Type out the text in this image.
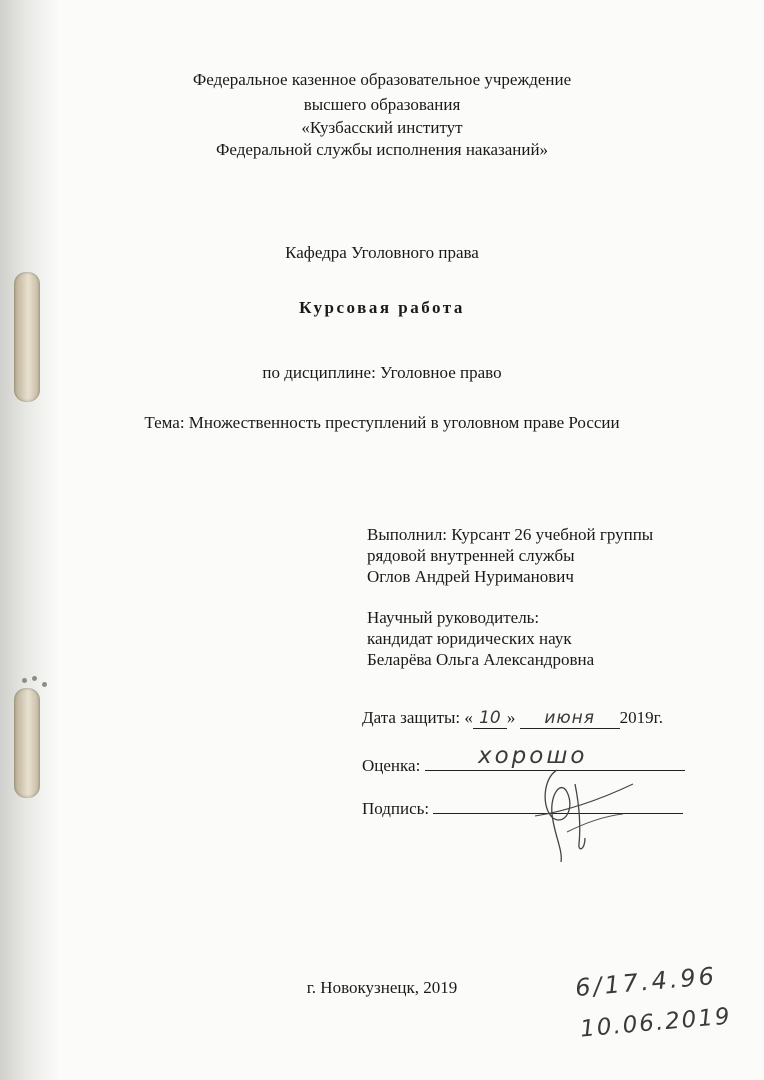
Федеральное казенное образовательное учреждение
высшего образования
«Кузбасский институт
Федеральной службы исполнения наказаний»
Кафедра Уголовного права
Курсовая работа
по дисциплине: Уголовное право
Тема: Множественность преступлений в уголовном праве России
Выполнил: Курсант 26 учебной группы
рядовой внутренней службы
Оглов Андрей Нуриманович
Научный руководитель:
кандидат юридических наук
Беларёва Ольга Александровна
Дата защиты: « 10 » июня 2019г.
Оценка:	хорошо
Подпись:
г. Новокузнецк, 2019	6/17.4.96
10.06.2019
